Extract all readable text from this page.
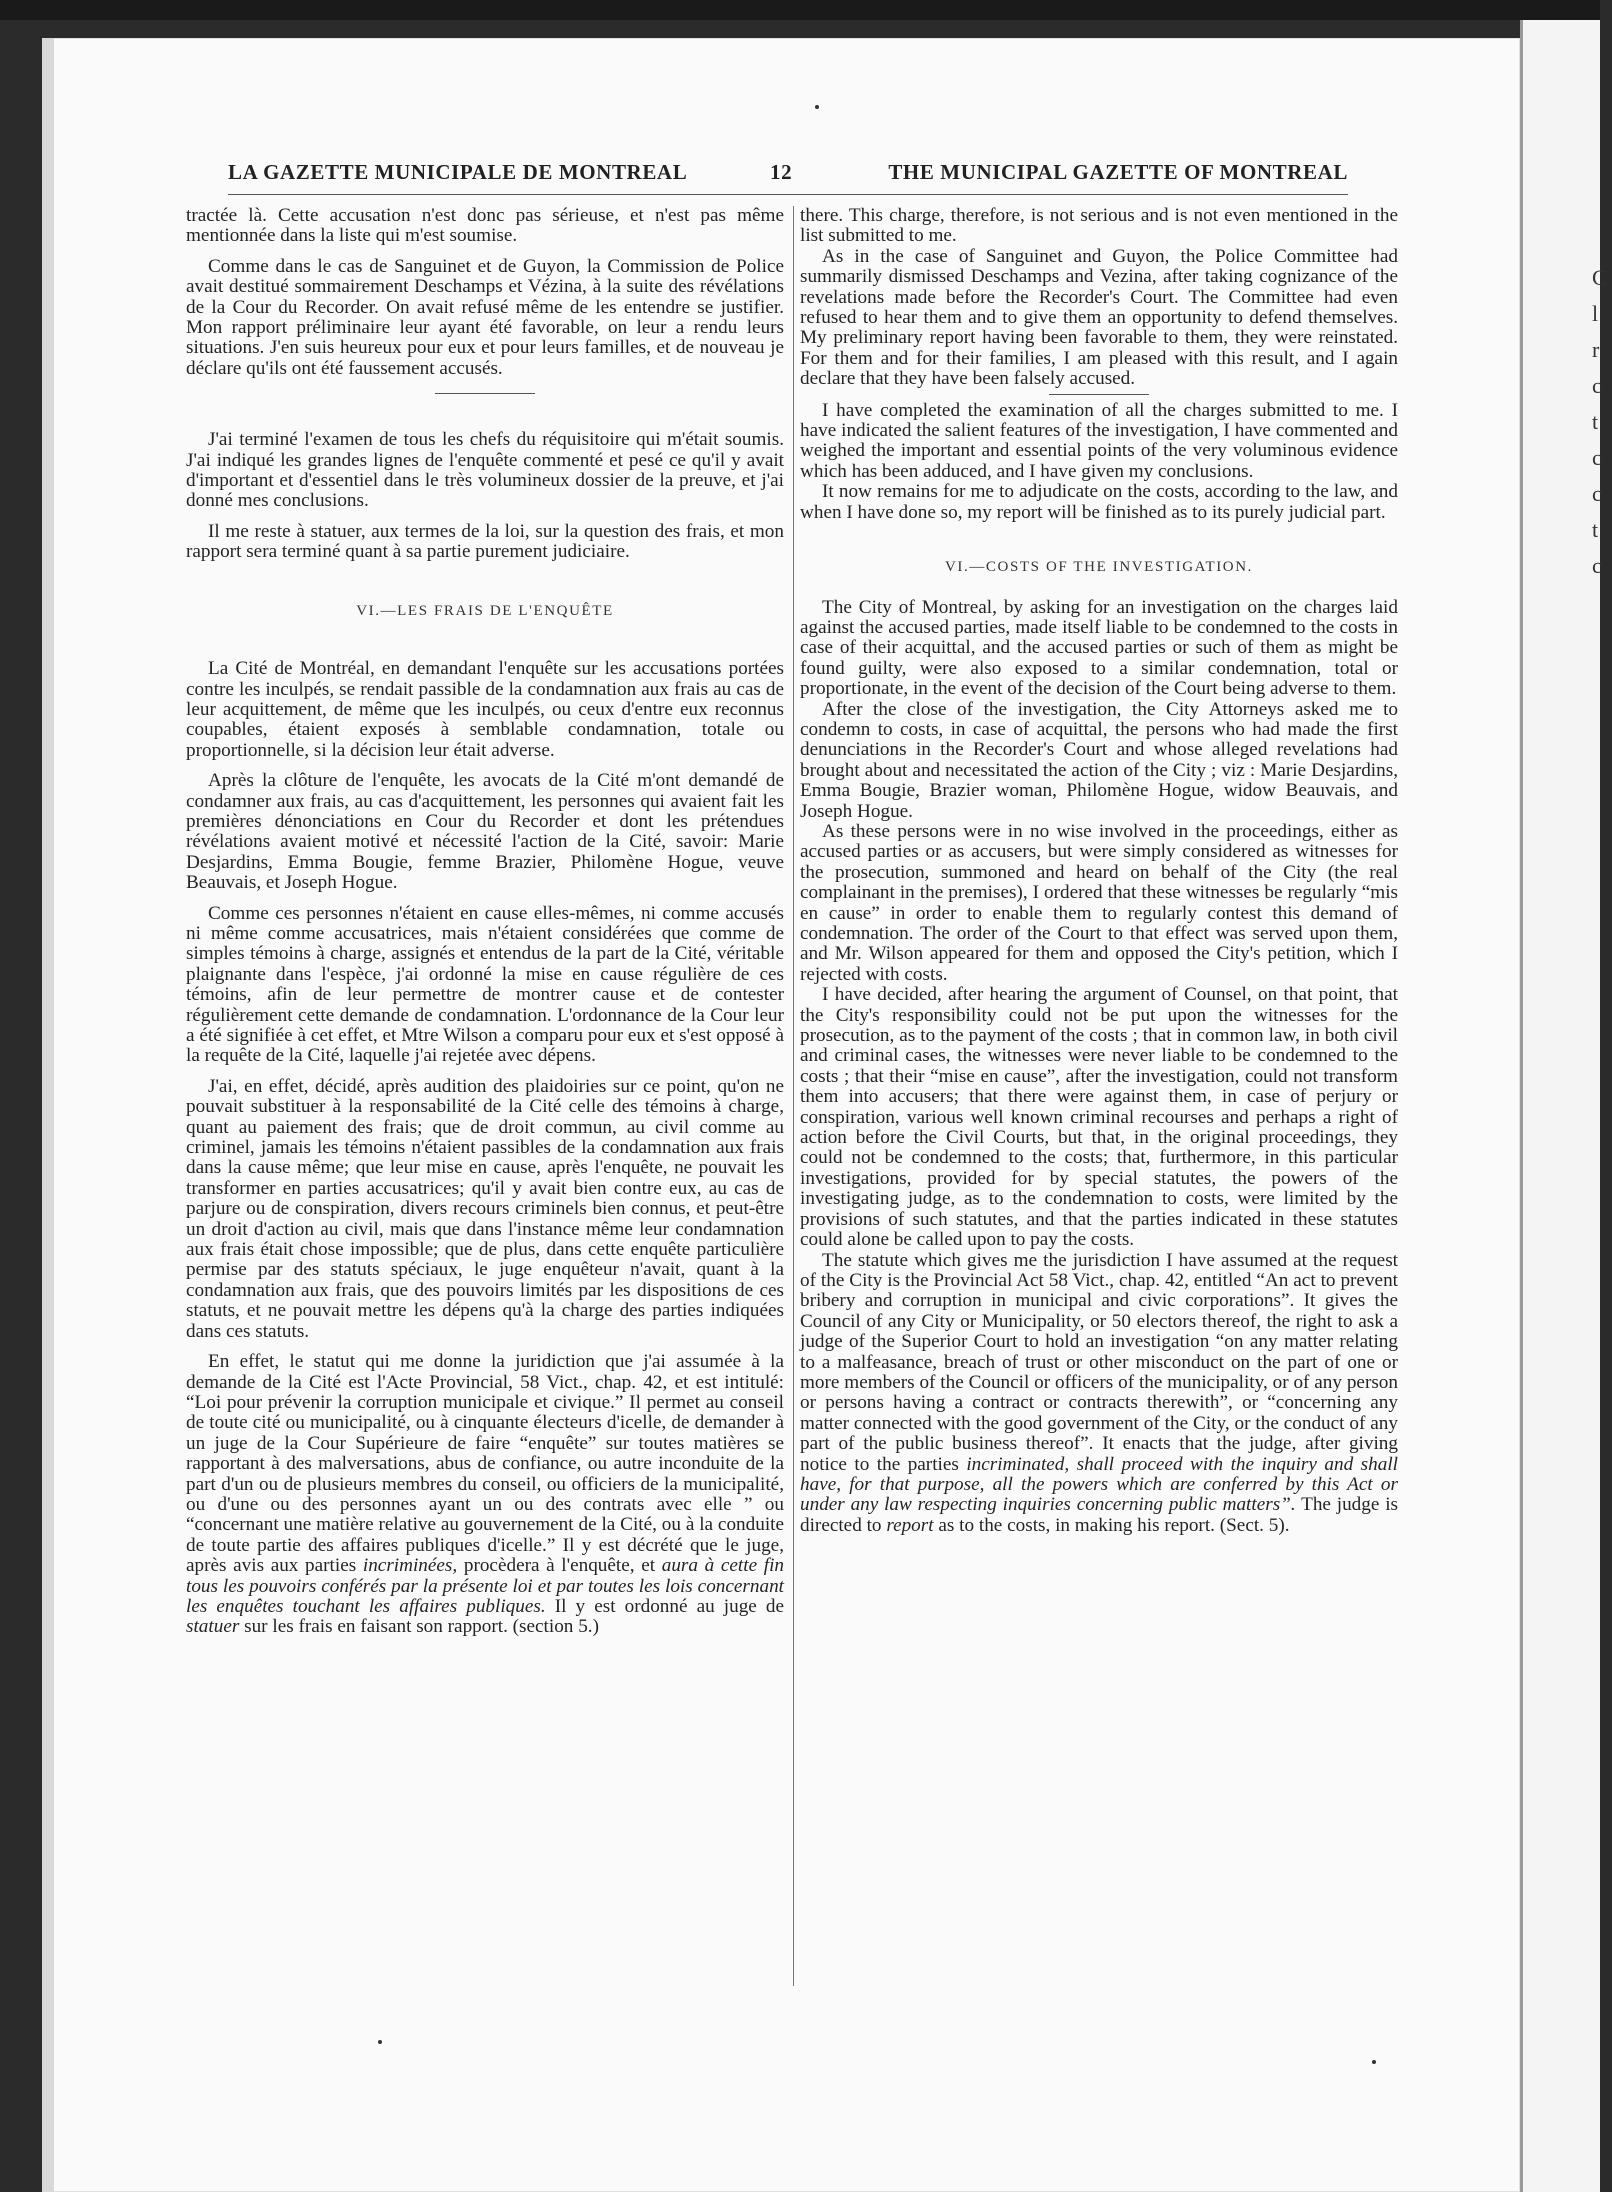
C
l
r
c
t
c
c
t
c
LA GAZETTE MUNICIPALE DE MONTREAL	12	THE MUNICIPAL GAZETTE OF MONTREAL

tractée là. Cette accusation n'est donc pas sérieuse, et n'est pas même mentionnée dans la liste qui m'est soumise.

Comme dans le cas de Sanguinet et de Guyon, la Commission de Police avait destitué sommairement Deschamps et Vézina, à la suite des révélations de la Cour du Recorder. On avait refusé même de les entendre se justifier. Mon rapport préliminaire leur ayant été favorable, on leur a rendu leurs situations. J'en suis heureux pour eux et pour leurs familles, et de nouveau je déclare qu'ils ont été faussement accusés.

J'ai terminé l'examen de tous les chefs du réquisitoire qui m'était soumis. J'ai indiqué les grandes lignes de l'enquête commenté et pesé ce qu'il y avait d'important et d'essentiel dans le très volumineux dossier de la preuve, et j'ai donné mes conclusions.

Il me reste à statuer, aux termes de la loi, sur la question des frais, et mon rapport sera terminé quant à sa partie purement judiciaire.

VI.—LES FRAIS DE L'ENQUÊTE

La Cité de Montréal, en demandant l'enquête sur les accusations portées contre les inculpés, se rendait passible de la condamnation aux frais au cas de leur acquittement, de même que les inculpés, ou ceux d'entre eux reconnus coupables, étaient exposés à semblable condamnation, totale ou proportionnelle, si la décision leur était adverse.

Après la clôture de l'enquête, les avocats de la Cité m'ont demandé de condamner aux frais, au cas d'acquittement, les personnes qui avaient fait les premières dénonciations en Cour du Recorder et dont les prétendues révélations avaient motivé et nécessité l'action de la Cité, savoir: Marie Desjardins, Emma Bougie, femme Brazier, Philomène Hogue, veuve Beauvais, et Joseph Hogue.

Comme ces personnes n'étaient en cause elles-mêmes, ni comme accusés ni même comme accusatrices, mais n'étaient considérées que comme de simples témoins à charge, assignés et entendus de la part de la Cité, véritable plaignante dans l'espèce, j'ai ordonné la mise en cause régulière de ces témoins, afin de leur permettre de montrer cause et de contester régulièrement cette demande de condamnation. L'ordonnance de la Cour leur a été signifiée à cet effet, et Mtre Wilson a comparu pour eux et s'est opposé à la requête de la Cité, laquelle j'ai rejetée avec dépens.

J'ai, en effet, décidé, après audition des plaidoiries sur ce point, qu'on ne pouvait substituer à la responsabilité de la Cité celle des témoins à charge, quant au paiement des frais; que de droit commun, au civil comme au criminel, jamais les témoins n'étaient passibles de la condamnation aux frais dans la cause même; que leur mise en cause, après l'enquête, ne pouvait les transformer en parties accusatrices; qu'il y avait bien contre eux, au cas de parjure ou de conspiration, divers recours criminels bien connus, et peut-être un droit d'action au civil, mais que dans l'instance même leur condamnation aux frais était chose impossible; que de plus, dans cette enquête particulière permise par des statuts spéciaux, le juge enquêteur n'avait, quant à la condamnation aux frais, que des pouvoirs limités par les dispositions de ces statuts, et ne pouvait mettre les dépens qu'à la charge des parties indiquées dans ces statuts.

En effet, le statut qui me donne la juridiction que j'ai assumée à la demande de la Cité est l'Acte Provincial, 58 Vict., chap. 42, et est intitulé: “Loi pour prévenir la corruption municipale et civique.” Il permet au conseil de toute cité ou municipalité, ou à cinquante électeurs d'icelle, de demander à un juge de la Cour Supérieure de faire “enquête” sur toutes matières se rapportant à des malversations, abus de confiance, ou autre inconduite de la part d'un ou de plusieurs membres du conseil, ou officiers de la municipalité, ou d'une ou des personnes ayant un ou des contrats avec elle ” ou “concernant une matière relative au gouvernement de la Cité, ou à la conduite de toute partie des affaires publiques d'icelle.” Il y est décrété que le juge, après avis aux parties incriminées, procèdera à l'enquête, et aura à cette fin tous les pouvoirs conférés par la présente loi et par toutes les lois concernant les enquêtes touchant les affaires publiques. Il y est ordonné au juge de statuer sur les frais en faisant son rapport. (section 5.)

there. This charge, therefore, is not serious and is not even mentioned in the list submitted to me.

As in the case of Sanguinet and Guyon, the Police Committee had summarily dismissed Deschamps and Vezina, after taking cognizance of the revelations made before the Recorder's Court. The Committee had even refused to hear them and to give them an opportunity to defend themselves. My preliminary report having been favorable to them, they were reinstated. For them and for their families, I am pleased with this result, and I again declare that they have been falsely accused.

I have completed the examination of all the charges submitted to me. I have indicated the salient features of the investigation, I have commented and weighed the important and essential points of the very voluminous evidence which has been adduced, and I have given my conclusions.

It now remains for me to adjudicate on the costs, according to the law, and when I have done so, my report will be finished as to its purely judicial part.

VI.—COSTS OF THE INVESTIGATION.

The City of Montreal, by asking for an investigation on the charges laid against the accused parties, made itself liable to be condemned to the costs in case of their acquittal, and the accused parties or such of them as might be found guilty, were also exposed to a similar condemnation, total or proportionate, in the event of the decision of the Court being adverse to them.

After the close of the investigation, the City Attorneys asked me to condemn to costs, in case of acquittal, the persons who had made the first denunciations in the Recorder's Court and whose alleged revelations had brought about and necessitated the action of the City ; viz : Marie Desjardins, Emma Bougie, Brazier woman, Philomène Hogue, widow Beauvais, and Joseph Hogue.

As these persons were in no wise involved in the proceedings, either as accused parties or as accusers, but were simply considered as witnesses for the prosecution, summoned and heard on behalf of the City (the real complainant in the premises), I ordered that these witnesses be regularly “mis en cause” in order to enable them to regularly contest this demand of condemnation. The order of the Court to that effect was served upon them, and Mr. Wilson appeared for them and opposed the City's petition, which I rejected with costs.

I have decided, after hearing the argument of Counsel, on that point, that the City's responsibility could not be put upon the witnesses for the prosecution, as to the payment of the costs ; that in common law, in both civil and criminal cases, the witnesses were never liable to be condemned to the costs ; that their “mise en cause”, after the investigation, could not transform them into accusers; that there were against them, in case of perjury or conspiration, various well known criminal recourses and perhaps a right of action before the Civil Courts, but that, in the original proceedings, they could not be condemned to the costs; that, furthermore, in this particular investigations, provided for by special statutes, the powers of the investigating judge, as to the condemnation to costs, were limited by the provisions of such statutes, and that the parties indicated in these statutes could alone be called upon to pay the costs.

The statute which gives me the jurisdiction I have assumed at the request of the City is the Provincial Act 58 Vict., chap. 42, entitled “An act to prevent bribery and corruption in municipal and civic corporations”. It gives the Council of any City or Municipality, or 50 electors thereof, the right to ask a judge of the Superior Court to hold an investigation “on any matter relating to a malfeasance, breach of trust or other misconduct on the part of one or more members of the Council or officers of the municipality, or of any person or persons having a contract or contracts therewith”, or “concerning any matter connected with the good government of the City, or the conduct of any part of the public business thereof”. It enacts that the judge, after giving notice to the parties incriminated, shall proceed with the inquiry and shall have, for that purpose, all the powers which are conferred by this Act or under any law respecting inquiries concerning public matters”. The judge is directed to report as to the costs, in making his report. (Sect. 5).
